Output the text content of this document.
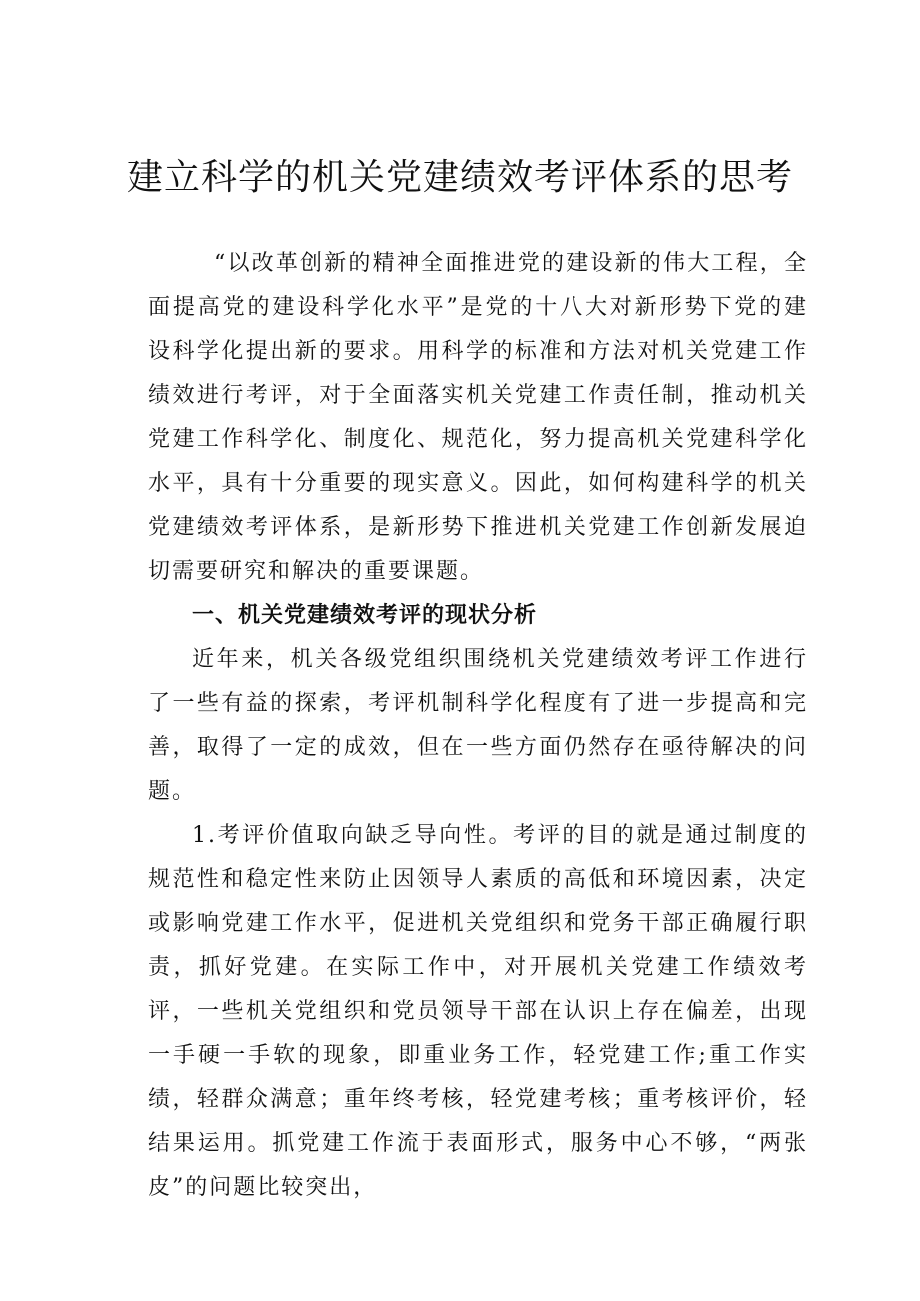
建立科学的机关党建绩效考评体系的思考

“以改革创新的精神全面推进党的建设新的伟大工程，全面提高党的建设科学化水平”是党的十八大对新形势下党的建设科学化提出新的要求。用科学的标准和方法对机关党建工作绩效进行考评，对于全面落实机关党建工作责任制，推动机关党建工作科学化、制度化、规范化，努力提高机关党建科学化水平，具有十分重要的现实意义。因此，如何构建科学的机关党建绩效考评体系，是新形势下推进机关党建工作创新发展迫切需要研究和解决的重要课题。

一、机关党建绩效考评的现状分析

近年来，机关各级党组织围绕机关党建绩效考评工作进行了一些有益的探索，考评机制科学化程度有了进一步提高和完善，取得了一定的成效，但在一些方面仍然存在亟待解决的问题。

1.考评价值取向缺乏导向性。考评的目的就是通过制度的规范性和稳定性来防止因领导人素质的高低和环境因素，决定或影响党建工作水平，促进机关党组织和党务干部正确履行职责，抓好党建。在实际工作中，对开展机关党建工作绩效考评，一些机关党组织和党员领导干部在认识上存在偏差，出现一手硬一手软的现象，即重业务工作，轻党建工作;重工作实绩，轻群众满意；重年终考核，轻党建考核；重考核评价，轻结果运用。抓党建工作流于表面形式，服务中心不够，“两张皮”的问题比较突出，
